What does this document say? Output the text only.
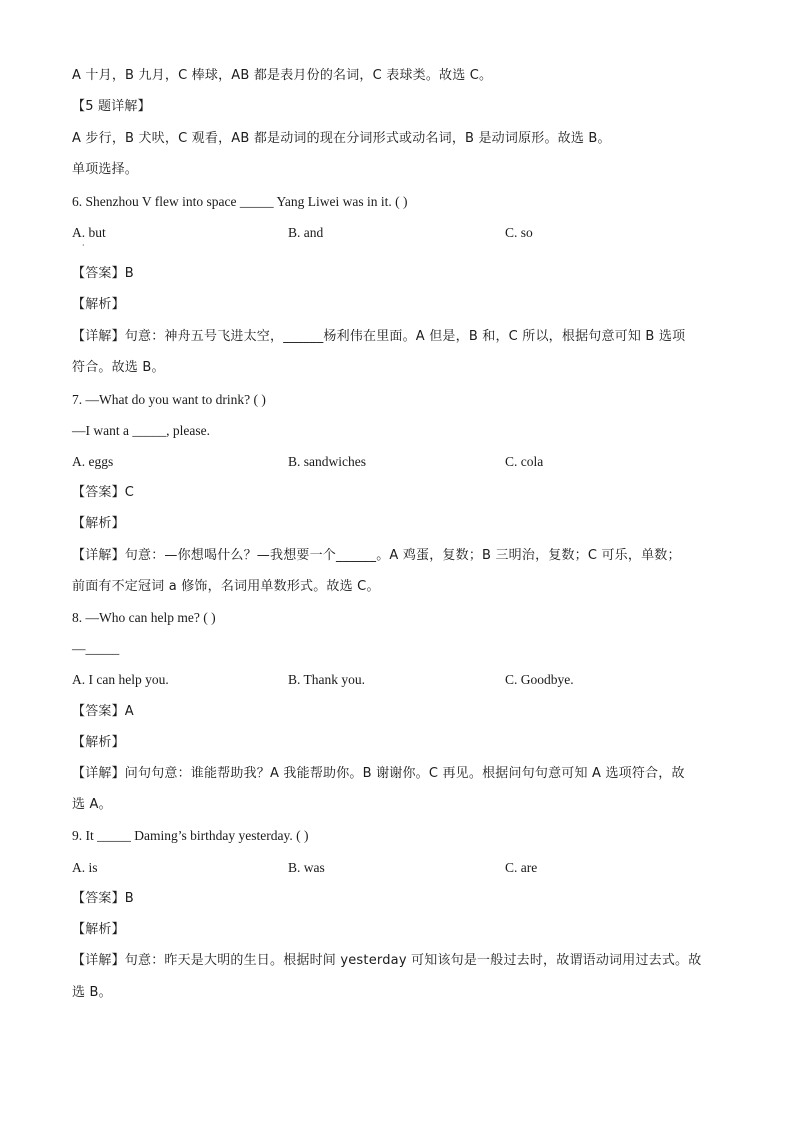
A 十月，B 九月，C 棒球，AB 都是表月份的名词，C 表球类。故选 C。
【5 题详解】
A 步行，B 犬吠，C 观看，AB 都是动词的现在分词形式或动名词，B 是动词原形。故选 B。
单项选择。
6. Shenzhou V flew into space _____ Yang Liwei was in it. ( )
A. but
·
B. and	C. so
【答案】B
【解析】
【详解】句意：神舟五号飞进太空，______杨利伟在里面。A 但是，B 和，C 所以，根据句意可知 B 选项
符合。故选 B。
7. —What do you want to drink? ( )
—I want a _____, please.
A. eggs	B. sandwiches	C. cola
【答案】C
【解析】
【详解】句意：—你想喝什么？—我想要一个______。A 鸡蛋，复数；B 三明治，复数；C 可乐，单数；
前面有不定冠词 a 修饰，名词用单数形式。故选 C。
8. —Who can help me? ( )
—_____
A. I can help you.	B. Thank you.	C. Goodbye.
【答案】A
【解析】
【详解】问句句意：谁能帮助我？A 我能帮助你。B 谢谢你。C 再见。根据问句句意可知 A 选项符合，故
选 A。
9. It _____ Daming’s birthday yesterday. ( )
A. is	B. was	C. are
【答案】B
【解析】
【详解】句意：昨天是大明的生日。根据时间 yesterday 可知该句是一般过去时，故谓语动词用过去式。故
选 B。
